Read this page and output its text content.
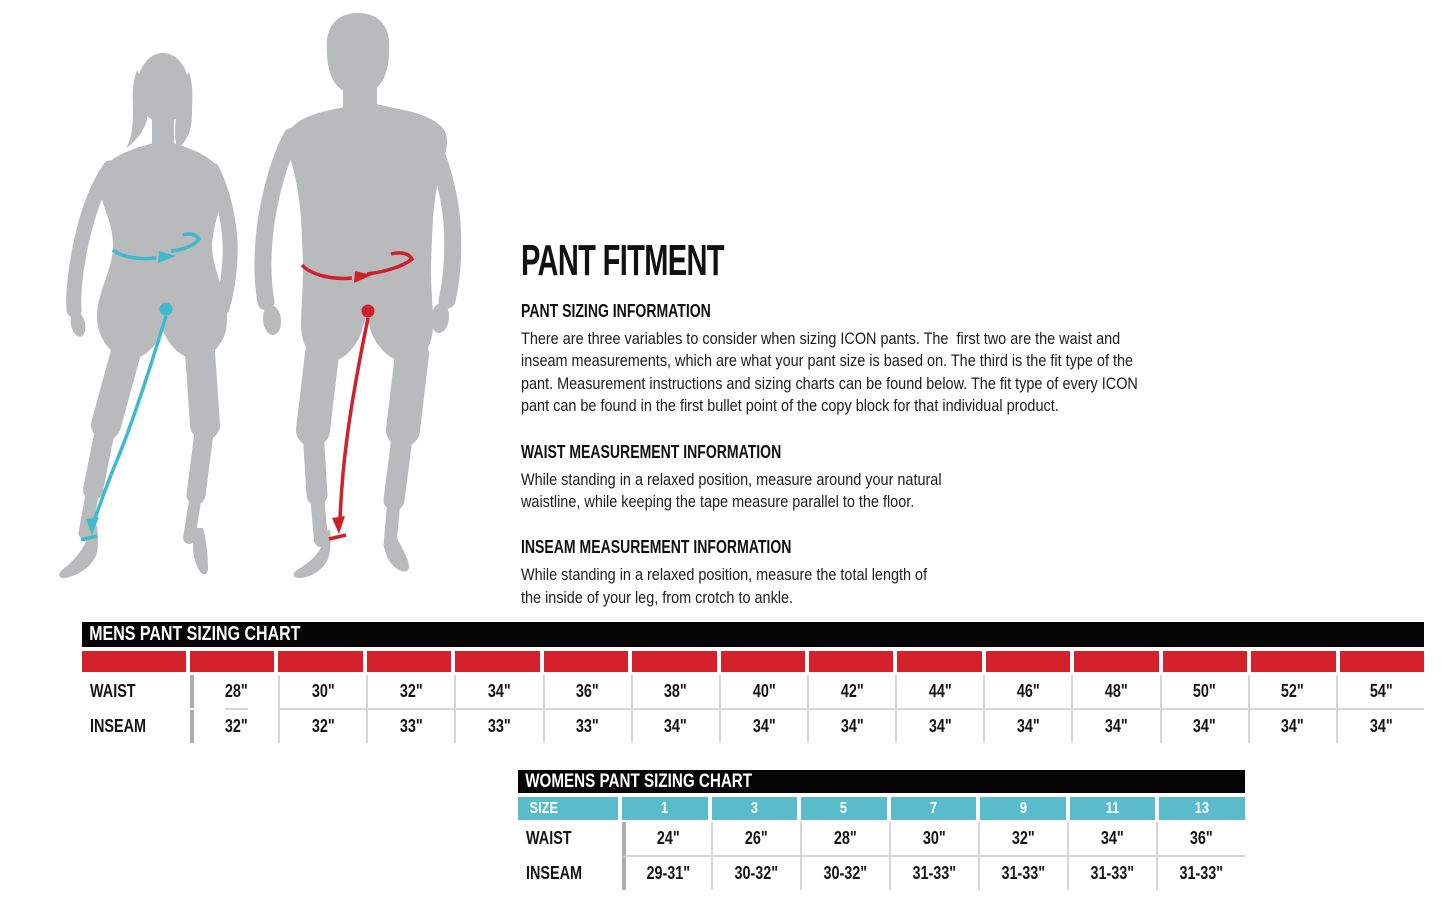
PANT FITMENT
PANT SIZING INFORMATION
There are three variables to consider when sizing ICON pants. The  first two are the waist and
inseam measurements, which are what your pant size is based on. The third is the fit type of the
pant. Measurement instructions and sizing charts can be found below. The fit type of every ICON
pant can be found in the first bullet point of the copy block for that individual product.
WAIST MEASUREMENT INFORMATION
While standing in a relaxed position, measure around your natural
waistline, while keeping the tape measure parallel to the floor.
INSEAM MEASUREMENT INFORMATION
While standing in a relaxed position, measure the total length of
the inside of your leg, from crotch to ankle.
MENS PANT SIZING CHART
WAIST	28"	30"	32"	34"	36"	38"	40"	42"	44"	46"	48"	50"	52"	54"
INSEAM	32"	32"	33"	33"	33"	34"	34"	34"	34"	34"	34"	34"	34"	34"
WOMENS PANT SIZING CHART
SIZE	1	3	5	7	9	11	13
WAIST	24"	26"	28"	30"	32"	34"	36"
INSEAM	29-31"	30-32"	30-32"	31-33"	31-33"	31-33"	31-33"
